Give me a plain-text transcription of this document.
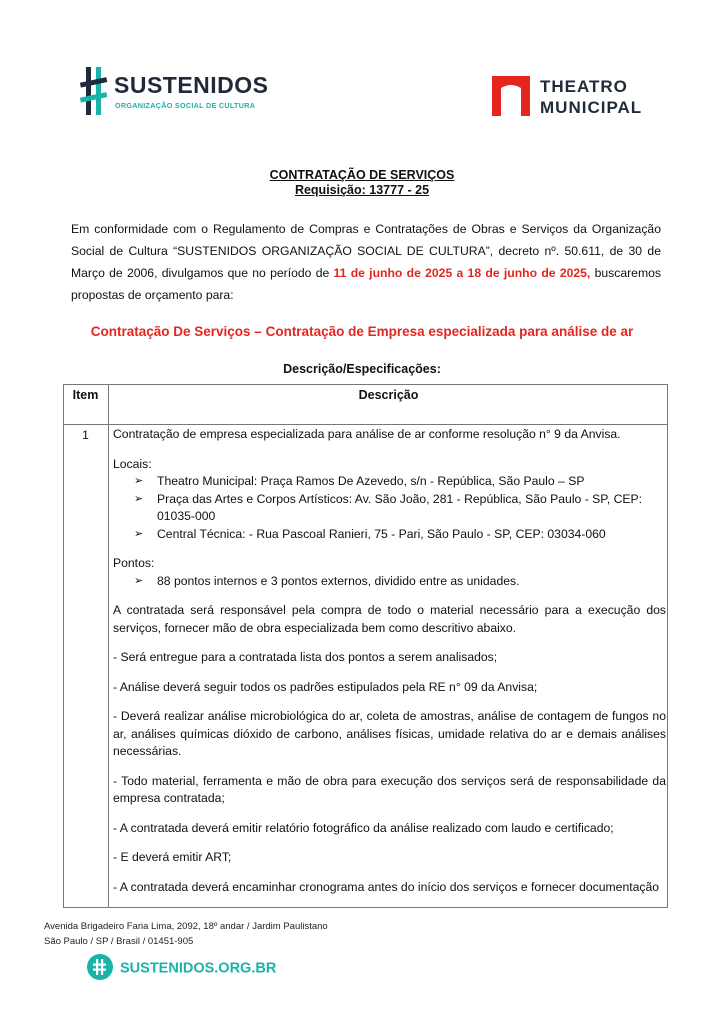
SUSTENIDOS
ORGANIZAÇÃO SOCIAL DE CULTURA
THEATRO
MUNICIPAL
CONTRATAÇÃO DE SERVIÇOS
Requisição: 13777 - 25
Em conformidade com o Regulamento de Compras e Contratações de Obras e Serviços da Organização Social de Cultura “SUSTENIDOS ORGANIZAÇÃO SOCIAL DE CULTURA”, decreto nº. 50.611, de 30 de Março de 2006, divulgamos que no período de 11 de junho de 2025 a 18 de junho de 2025, buscaremos propostas de orçamento para:
Contratação De Serviços – Contratação de Empresa especializada para análise de ar
Descrição/Especificações:
Item	Descrição
1	Contratação de empresa especializada para análise de ar conforme resolução n° 9 da Anvisa.

Locais:

➢ Theatro Municipal: Praça Ramos De Azevedo, s/n - República, São Paulo – SP
➢ Praça das Artes e Corpos Artísticos: Av. São João, 281 - República, São Paulo - SP, CEP: 01035-000
➢ Central Técnica: - Rua Pascoal Ranieri, 75 - Pari, São Paulo - SP, CEP: 03034-060

Pontos:

➢ 88 pontos internos e 3 pontos externos, dividido entre as unidades.

A contratada será responsável pela compra de todo o material necessário para a execução dos serviços, fornecer mão de obra especializada bem como descritivo abaixo.

- Será entregue para a contratada lista dos pontos a serem analisados;

- Análise deverá seguir todos os padrões estipulados pela RE n° 09 da Anvisa;

- Deverá realizar análise microbiológica do ar, coleta de amostras, análise de contagem de fungos no ar, análises químicas dióxido de carbono, análises físicas, umidade relativa do ar e demais análises necessárias.

- Todo material, ferramenta e mão de obra para execução dos serviços será de responsabilidade da empresa contratada;

- A contratada deverá emitir relatório fotográfico da análise realizado com laudo e certificado;

- E deverá emitir ART;

- A contratada deverá encaminhar cronograma antes do início dos serviços e fornecer documentação

Avenida Brigadeiro Faria Lima, 2092, 18º andar / Jardim Paulistano
São Paulo / SP / Brasil / 01451-905
SUSTENIDOS.ORG.BR
